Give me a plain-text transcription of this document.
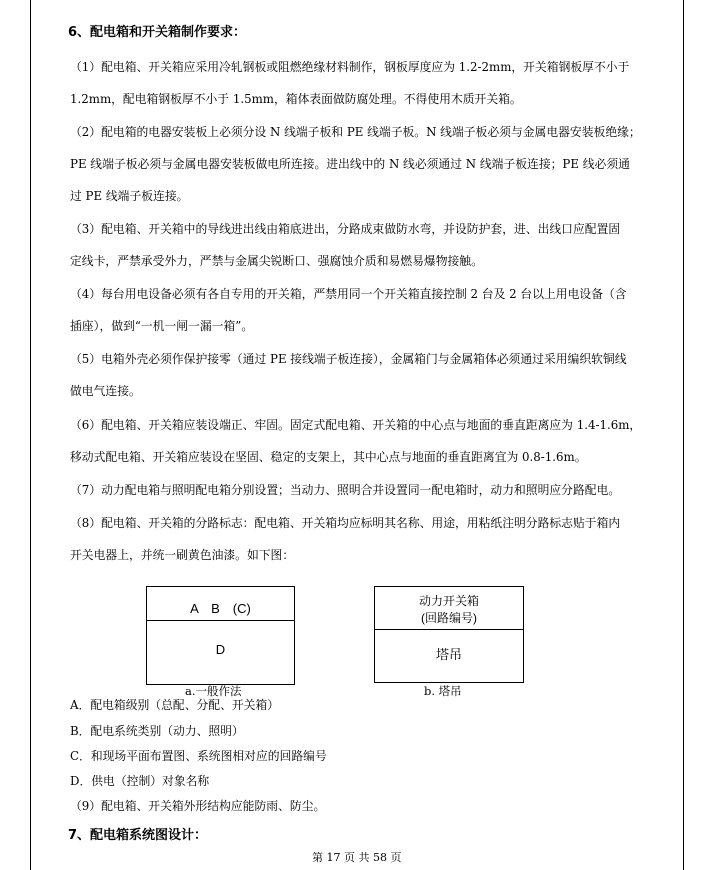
6、配电箱和开关箱制作要求：
（1）配电箱、开关箱应采用冷轧钢板或阻燃绝缘材料制作，钢板厚度应为 1.2-2mm，开关箱钢板厚不小于
1.2mm，配电箱钢板厚不小于 1.5mm，箱体表面做防腐处理。不得使用木质开关箱。
（2）配电箱的电器安装板上必须分设 N 线端子板和 PE 线端子板。N 线端子板必须与金属电器安装板绝缘；
PE 线端子板必须与金属电器安装板做电所连接。进出线中的 N 线必须通过 N 线端子板连接；PE 线必须通
过 PE 线端子板连接。
（3）配电箱、开关箱中的导线进出线由箱底进出，分路成束做防水弯，并设防护套，进、出线口应配置固
定线卡，严禁承受外力，严禁与金属尖锐断口、强腐蚀介质和易燃易爆物接触。
（4）每台用电设备必须有各自专用的开关箱，严禁用同一个开关箱直接控制 2 台及 2 台以上用电设备（含
插座），做到“一机一闸一漏一箱”。
（5）电箱外壳必须作保护接零（通过 PE 接线端子板连接），金属箱门与金属箱体必须通过采用编织软铜线
做电气连接。
（6）配电箱、开关箱应装设端正、牢固。固定式配电箱、开关箱的中心点与地面的垂直距离应为 1.4-1.6m，
移动式配电箱、开关箱应装设在坚固、稳定的支架上，其中心点与地面的垂直距离宜为 0.8-1.6m。
（7）动力配电箱与照明配电箱分别设置；当动力、照明合并设置同一配电箱时，动力和照明应分路配电。
（8）配电箱、开关箱的分路标志：配电箱、开关箱均应标明其名称、用途，用粘纸注明分路标志贴于箱内
开关电器上，并统一刷黄色油漆。如下图：
A　B　(C)
D
a.一般作法
动力开关箱
(回路编号)
塔吊
b. 塔吊
A．配电箱级别（总配、分配、开关箱）
B．配电系统类别（动力、照明）
C．和现场平面布置图、系统图相对应的回路编号
D．供电（控制）对象名称
（9）配电箱、开关箱外形结构应能防雨、防尘。
7、配电箱系统图设计：
第 17 页 共 58 页
